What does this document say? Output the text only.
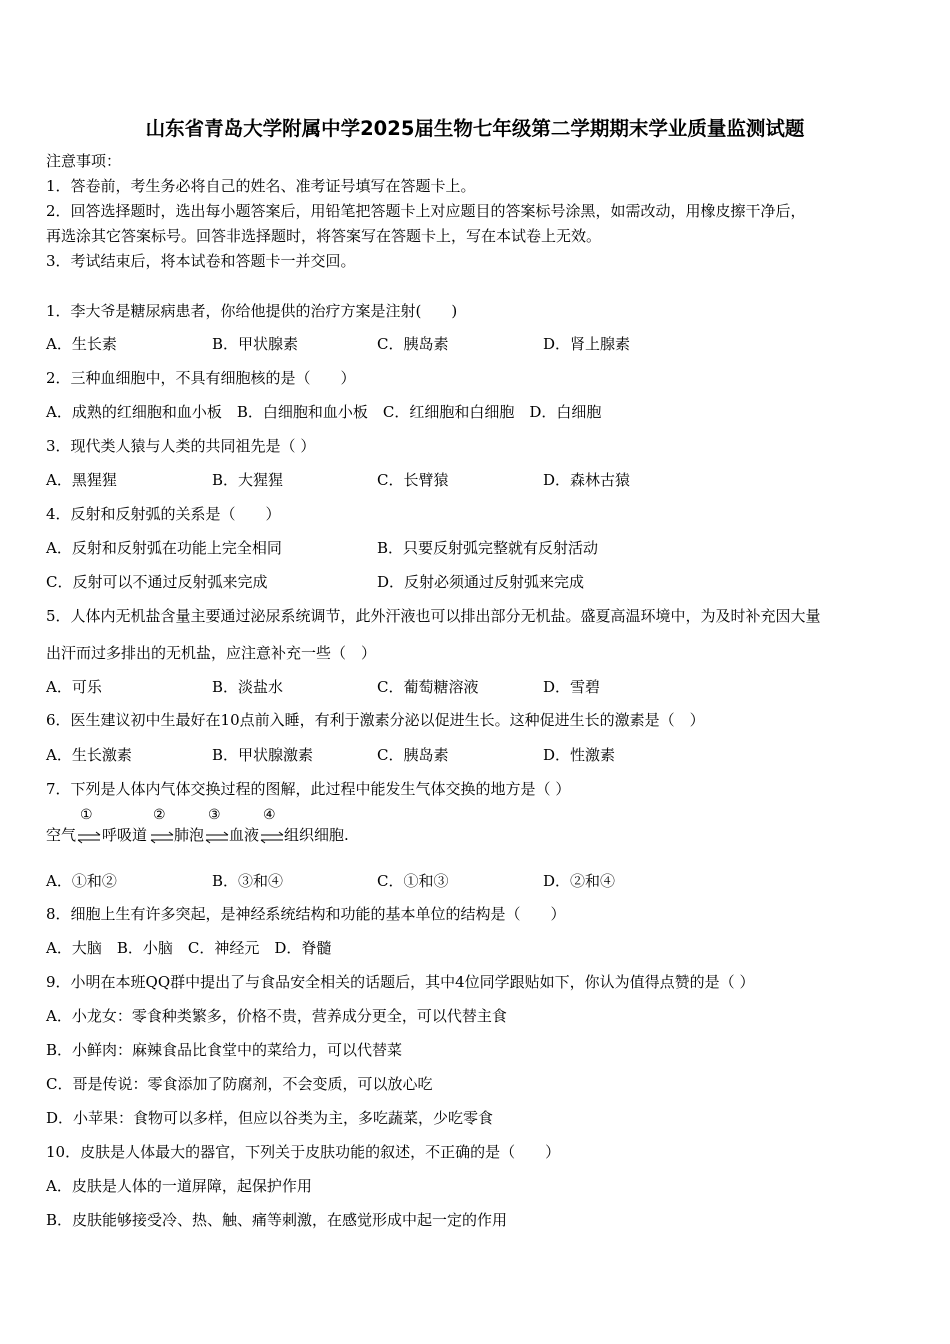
山东省青岛大学附属中学2025届生物七年级第二学期期末学业质量监测试题
注意事项：
1．答卷前，考生务必将自己的姓名、准考证号填写在答题卡上。
2．回答选择题时，选出每小题答案后，用铅笔把答题卡上对应题目的答案标号涂黑，如需改动，用橡皮擦干净后，
再选涂其它答案标号。回答非选择题时，将答案写在答题卡上，写在本试卷上无效。
3．考试结束后，将本试卷和答题卡一并交回。
1．李大爷是糖尿病患者，你给他提供的治疗方案是注射(　　)
A．生长素	B．甲状腺素	C．胰岛素	D．肾上腺素
2．三种血细胞中，不具有细胞核的是（　　）
A．成熟的红细胞和血小板　B．白细胞和血小板　C．红细胞和白细胞　D．白细胞
3．现代类人猿与人类的共同祖先是（ ）
A．黑猩猩	B．大猩猩	C．长臂猿	D．森林古猿
4．反射和反射弧的关系是（　　）
A．反射和反射弧在功能上完全相同	B．只要反射弧完整就有反射活动
C．反射可以不通过反射弧来完成	D．反射必须通过反射弧来完成
5．人体内无机盐含量主要通过泌尿系统调节，此外汗液也可以排出部分无机盐。盛夏高温环境中，为及时补充因大量
出汗而过多排出的无机盐，应注意补充一些（　）
A．可乐	B．淡盐水	C．葡萄糖溶液	D．雪碧
6．医生建议初中生最好在10点前入睡，有利于激素分泌以促进生长。这种促进生长的激素是（　）
A．生长激素	B．甲状腺激素	C．胰岛素	D．性激素
7．下列是人体内气体交换过程的图解，此过程中能发生气体交换的地方是（ ）
空气
①
呼吸道
②
肺泡
③
血液
④
组织细胞.
A．①和②	B．③和④	C．①和③	D．②和④
8．细胞上生有许多突起，是神经系统结构和功能的基本单位的结构是（　　）
A．大脑　B．小脑　C．神经元　D．脊髓
9．小明在本班QQ群中提出了与食品安全相关的话题后，其中4位同学跟贴如下，你认为值得点赞的是（ ）
A．小龙女：零食种类繁多，价格不贵，营养成分更全，可以代替主食
B．小鲜肉：麻辣食品比食堂中的菜给力，可以代替菜
C．哥是传说：零食添加了防腐剂，不会变质，可以放心吃
D．小苹果：食物可以多样，但应以谷类为主，多吃蔬菜，少吃零食
10．皮肤是人体最大的器官，下列关于皮肤功能的叙述，不正确的是（　　）
A．皮肤是人体的一道屏障，起保护作用
B．皮肤能够接受冷、热、触、痛等刺激，在感觉形成中起一定的作用
